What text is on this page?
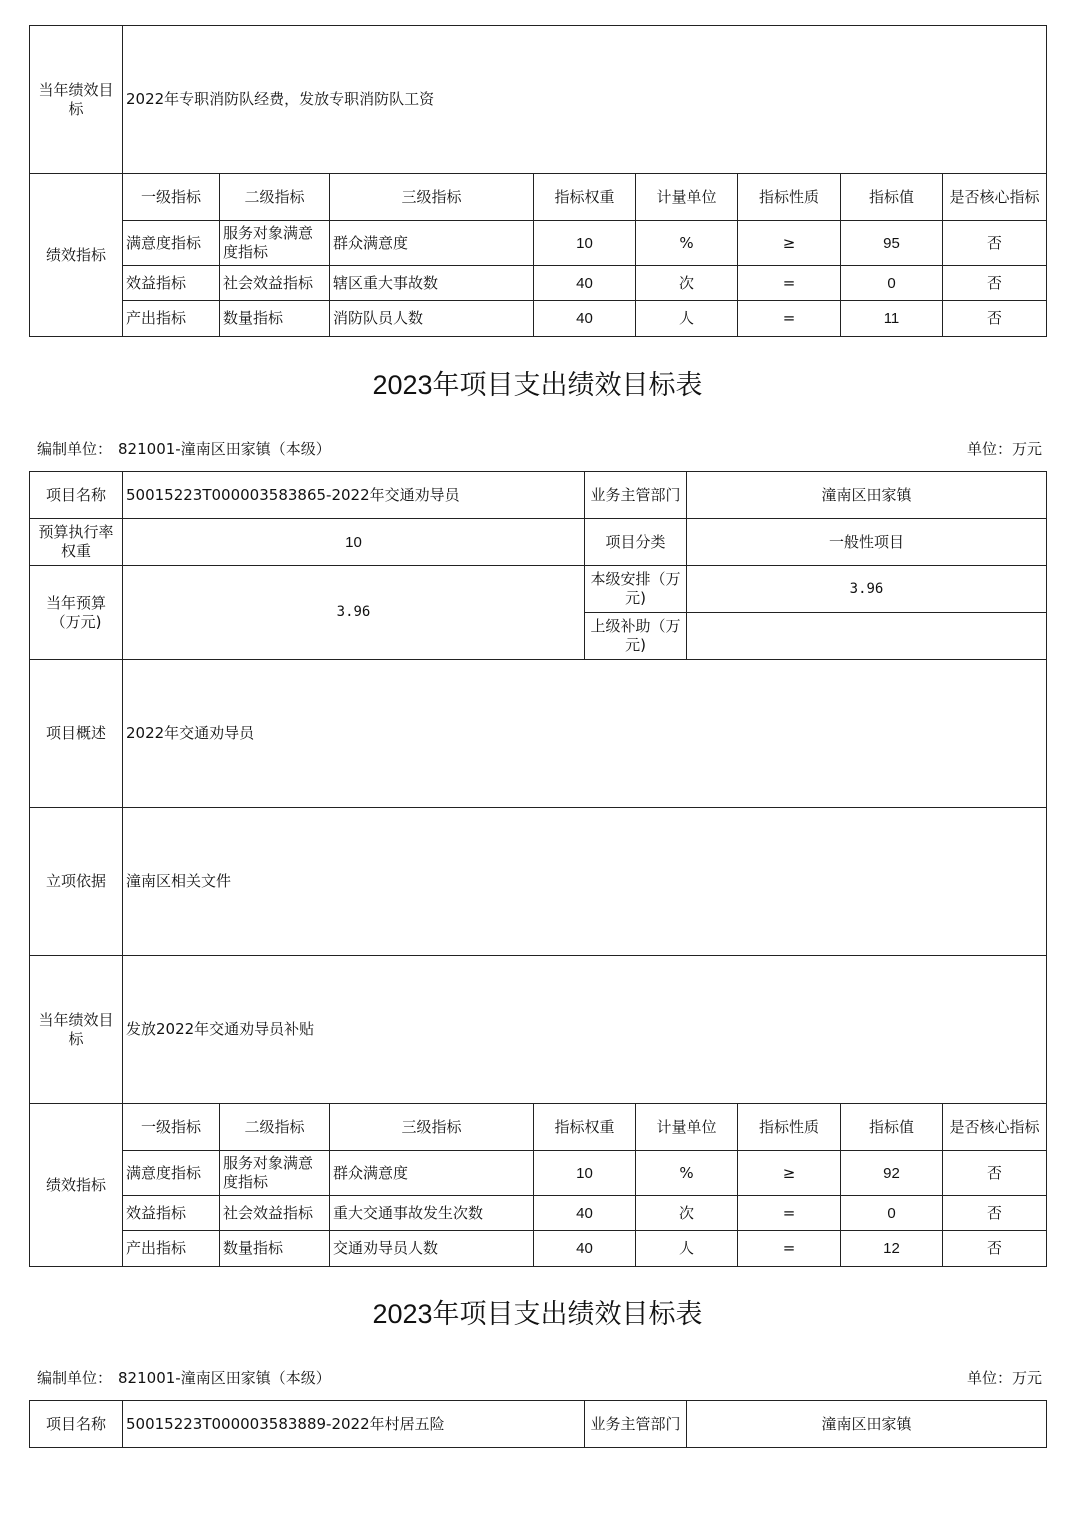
当年绩效目标	2022年专职消防队经费，发放专职消防队工资							
绩效指标	一级指标	二级指标	三级指标	指标权重	计量单位	指标性质	指标值	是否核心指标
	满意度指标	服务对象满意度指标	群众满意度	10	%	≥	95	否
	效益指标	社会效益指标	辖区重大事故数	40	次	=	0	否
	产出指标	数量指标	消防队员人数	40	人	=	11	否
2023年项目支出绩效目标表
编制单位： 821001-潼南区田家镇（本级）	单位：万元
项目名称	50015223T000003583865-2022年交通劝导员	业务主管部门	潼南区田家镇
预算执行率权重	10	项目分类	一般性项目
当年预算（万元)	3.96	本级安排（万元)	3.96
		上级补助（万元)	
项目概述	2022年交通劝导员							
立项依据	潼南区相关文件							
当年绩效目标	发放2022年交通劝导员补贴							
绩效指标	一级指标	二级指标	三级指标	指标权重	计量单位	指标性质	指标值	是否核心指标
	满意度指标	服务对象满意度指标	群众满意度	10	%	≥	92	否
	效益指标	社会效益指标	重大交通事故发生次数	40	次	=	0	否
	产出指标	数量指标	交通劝导员人数	40	人	=	12	否
2023年项目支出绩效目标表
编制单位： 821001-潼南区田家镇（本级）	单位：万元
项目名称	50015223T000003583889-2022年村居五险	业务主管部门	潼南区田家镇
